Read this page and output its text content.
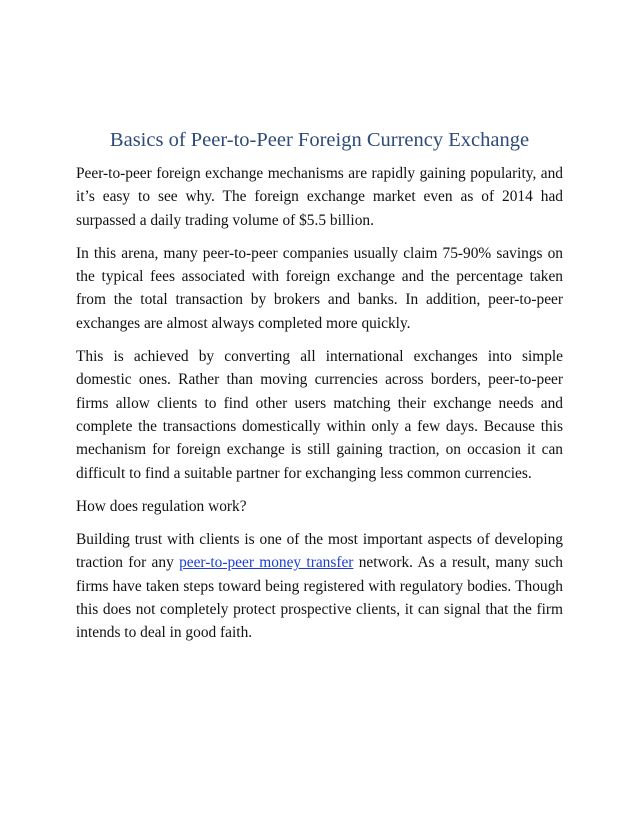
Basics of Peer-to-Peer Foreign Currency Exchange

Peer-to-peer foreign exchange mechanisms are rapidly gaining popularity, and it’s easy to see why. The foreign exchange market even as of 2014 had surpassed a daily trading volume of $5.5 billion.

In this arena, many peer-to-peer companies usually claim 75-90% savings on the typical fees associated with foreign exchange and the percentage taken from the total transaction by brokers and banks. In addition, peer-to-peer exchanges are almost always completed more quickly.

This is achieved by converting all international exchanges into simple domestic ones. Rather than moving currencies across borders, peer-to-peer firms allow clients to find other users matching their exchange needs and complete the transactions domestically within only a few days. Because this mechanism for foreign exchange is still gaining traction, on occasion it can difficult to find a suitable partner for exchanging less common currencies.

How does regulation work?

Building trust with clients is one of the most important aspects of developing traction for any peer-to-peer money transfer network. As a result, many such firms have taken steps toward being registered with regulatory bodies. Though this does not completely protect prospective clients, it can signal that the firm intends to deal in good faith.
